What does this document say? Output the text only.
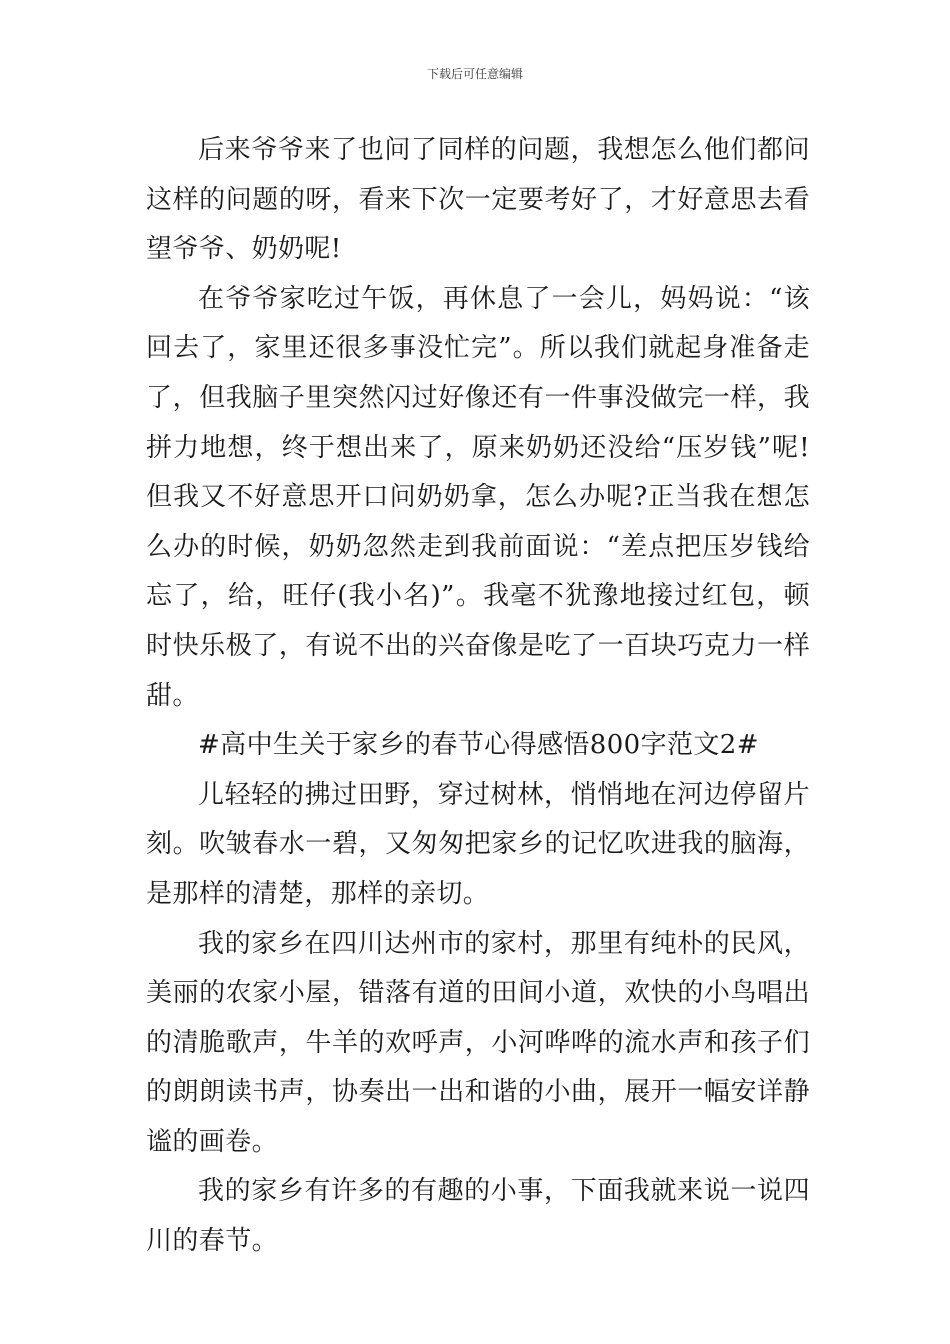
下载后可任意编辑

后来爷爷来了也问了同样的问题，我想怎么他们都问这样的问题的呀，看来下次一定要考好了，才好意思去看望爷爷、奶奶呢!

在爷爷家吃过午饭，再休息了一会儿，妈妈说：“该回去了，家里还很多事没忙完”。所以我们就起身准备走了，但我脑子里突然闪过好像还有一件事没做完一样，我拼力地想，终于想出来了，原来奶奶还没给“压岁钱”呢!但我又不好意思开口问奶奶拿，怎么办呢?正当我在想怎么办的时候，奶奶忽然走到我前面说：“差点把压岁钱给忘了，给，旺仔(我小名)”。我毫不犹豫地接过红包，顿时快乐极了，有说不出的兴奋像是吃了一百块巧克力一样甜。

#高中生关于家乡的春节心得感悟800字范文2#

儿轻轻的拂过田野，穿过树林，悄悄地在河边停留片刻。吹皱春水一碧，又匆匆把家乡的记忆吹进我的脑海，是那样的清楚，那样的亲切。

我的家乡在四川达州市的家村，那里有纯朴的民风，美丽的农家小屋，错落有道的田间小道，欢快的小鸟唱出的清脆歌声，牛羊的欢呼声，小河哗哗的流水声和孩子们的朗朗读书声，协奏出一出和谐的小曲，展开一幅安详静谧的画卷。

我的家乡有许多的有趣的小事，下面我就来说一说四川的春节。
